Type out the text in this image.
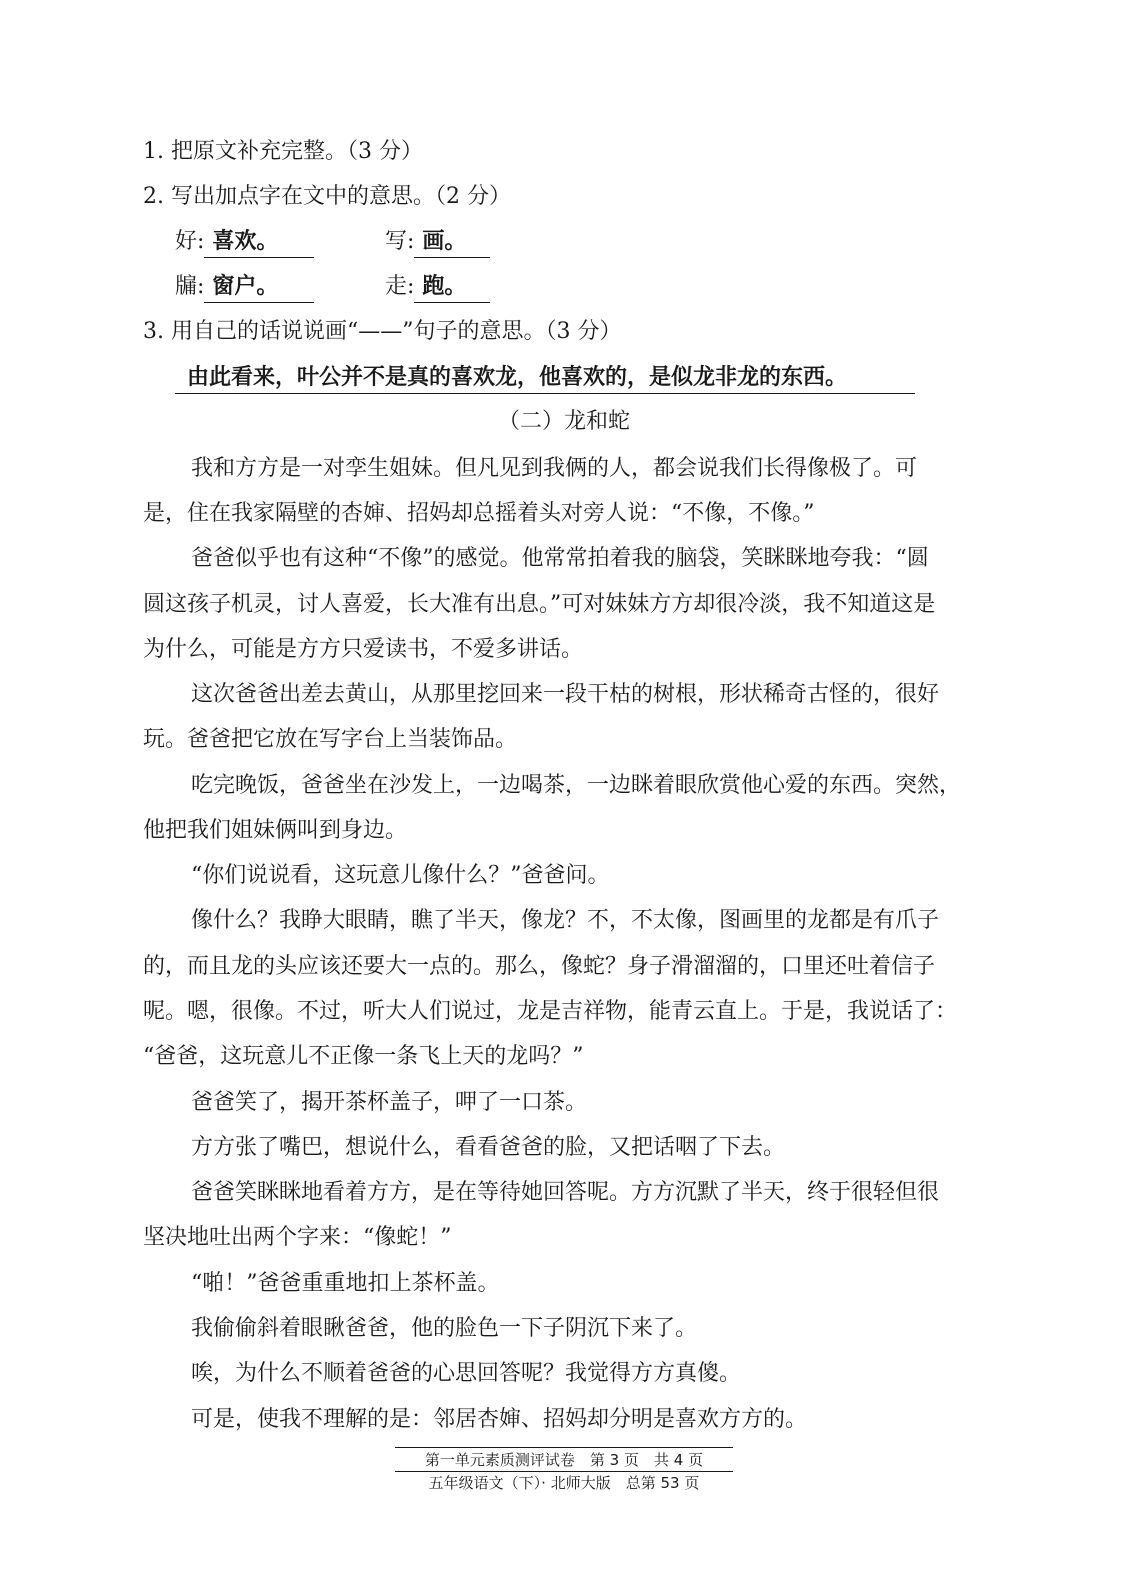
1. 把原文补充完整。（3 分）
2. 写出加点字在文中的意思。（2 分）
好: 喜欢。	写: 画。
牖: 窗户。	走: 跑。
3. 用自己的话说说画“——”句子的意思。（3 分）
由此看来，叶公并不是真的喜欢龙，他喜欢的，是似龙非龙的东西。
（二）龙和蛇
我和方方是一对孪生姐妹。但凡见到我俩的人，都会说我们长得像极了。可
是，住在我家隔壁的杏婶、招妈却总摇着头对旁人说：“不像，不像。”
爸爸似乎也有这种“不像”的感觉。他常常拍着我的脑袋，笑眯眯地夸我：“圆
圆这孩子机灵，讨人喜爱，长大准有出息。”可对妹妹方方却很冷淡，我不知道这是
为什么，可能是方方只爱读书，不爱多讲话。
这次爸爸出差去黄山，从那里挖回来一段干枯的树根，形状稀奇古怪的，很好
玩。爸爸把它放在写字台上当装饰品。
吃完晚饭，爸爸坐在沙发上，一边喝茶，一边眯着眼欣赏他心爱的东西。突然，
他把我们姐妹俩叫到身边。
“你们说说看，这玩意儿像什么？”爸爸问。
像什么？我睁大眼睛，瞧了半天，像龙？不，不太像，图画里的龙都是有爪子
的，而且龙的头应该还要大一点的。那么，像蛇？身子滑溜溜的，口里还吐着信子
呢。嗯，很像。不过，听大人们说过，龙是吉祥物，能青云直上。于是，我说话了：
“爸爸，这玩意儿不正像一条飞上天的龙吗？”
爸爸笑了，揭开茶杯盖子，呷了一口茶。
方方张了嘴巴，想说什么，看看爸爸的脸，又把话咽了下去。
爸爸笑眯眯地看着方方，是在等待她回答呢。方方沉默了半天，终于很轻但很
坚决地吐出两个字来：“像蛇！”
“啪！”爸爸重重地扣上茶杯盖。
我偷偷斜着眼瞅爸爸，他的脸色一下子阴沉下来了。
唉，为什么不顺着爸爸的心思回答呢？我觉得方方真傻。
可是，使我不理解的是：邻居杏婶、招妈却分明是喜欢方方的。
第一单元素质测评试卷　第 3 页　共 4 页
五年级语文（下）· 北师大版　总第 53 页
